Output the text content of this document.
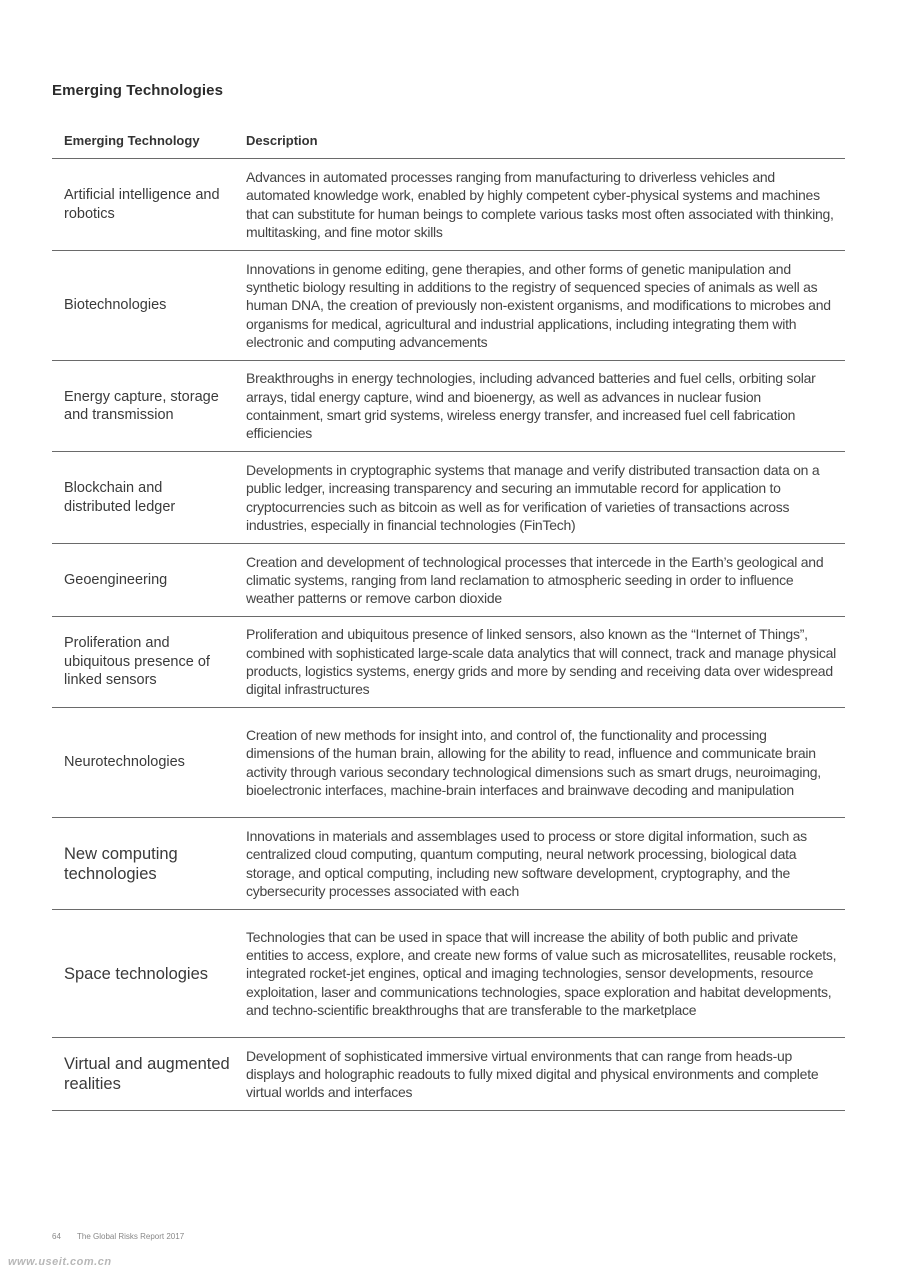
Emerging Technologies
Emerging Technology	Description
Artificial intelligence and robotics
Advances in automated processes ranging from manufacturing to driverless vehicles and automated knowledge work, enabled by highly competent cyber-physical systems and machines that can substitute for human beings to complete various tasks most often associated with thinking, multitasking, and fine motor skills
Biotechnologies
Innovations in genome editing, gene therapies, and other forms of genetic manipulation and synthetic biology resulting in additions to the registry of sequenced species of animals as well as human DNA, the creation of previously non-existent organisms, and modifications to microbes and organisms for medical, agricultural and industrial applications, including integrating them with electronic and computing advancements
Energy capture, storage and transmission
Breakthroughs in energy technologies, including advanced batteries and fuel cells, orbiting solar arrays, tidal energy capture, wind and bioenergy, as well as advances in nuclear fusion containment, smart grid systems, wireless energy transfer, and increased fuel cell fabrication efficiencies
Blockchain and distributed ledger
Developments in cryptographic systems that manage and verify distributed transaction data on a public ledger, increasing transparency and securing an immutable record for application to cryptocurrencies such as bitcoin as well as for verification of varieties of transactions across industries, especially in financial technologies (FinTech)
Geoengineering
Creation and development of technological processes that intercede in the Earth’s geological and climatic systems, ranging from land reclamation to atmospheric seeding in order to influence weather patterns or remove carbon dioxide
Proliferation and ubiquitous presence of linked sensors
Proliferation and ubiquitous presence of linked sensors, also known as the “Internet of Things”, combined with sophisticated large-scale data analytics that will connect, track and manage physical products, logistics systems, energy grids and more by sending and receiving data over widespread digital infrastructures
Neurotechnologies
Creation of new methods for insight into, and control of, the functionality and processing dimensions of the human brain, allowing for the ability to read, influence and communicate brain activity through various secondary technological dimensions such as smart drugs, neuroimaging, bioelectronic interfaces, machine-brain interfaces and brainwave decoding and manipulation
New computing technologies
Innovations in materials and assemblages used to process or store digital information, such as centralized cloud computing, quantum computing, neural network processing, biological data storage, and optical computing, including new software development, cryptography, and the cybersecurity processes associated with each
Space technologies
Technologies that can be used in space that will increase the ability of both public and private entities to access, explore, and create new forms of value such as microsatellites, reusable rockets, integrated rocket-jet engines, optical and imaging technologies, sensor developments, resource exploitation, laser and communications technologies, space exploration and habitat developments, and techno-scientific breakthroughs that are transferable to the marketplace
Virtual and augmented realities
Development of sophisticated immersive virtual environments that can range from heads-up displays and holographic readouts to fully mixed digital and physical environments and complete virtual worlds and interfaces
64 The Global Risks Report 2017
www.useit.com.cn
